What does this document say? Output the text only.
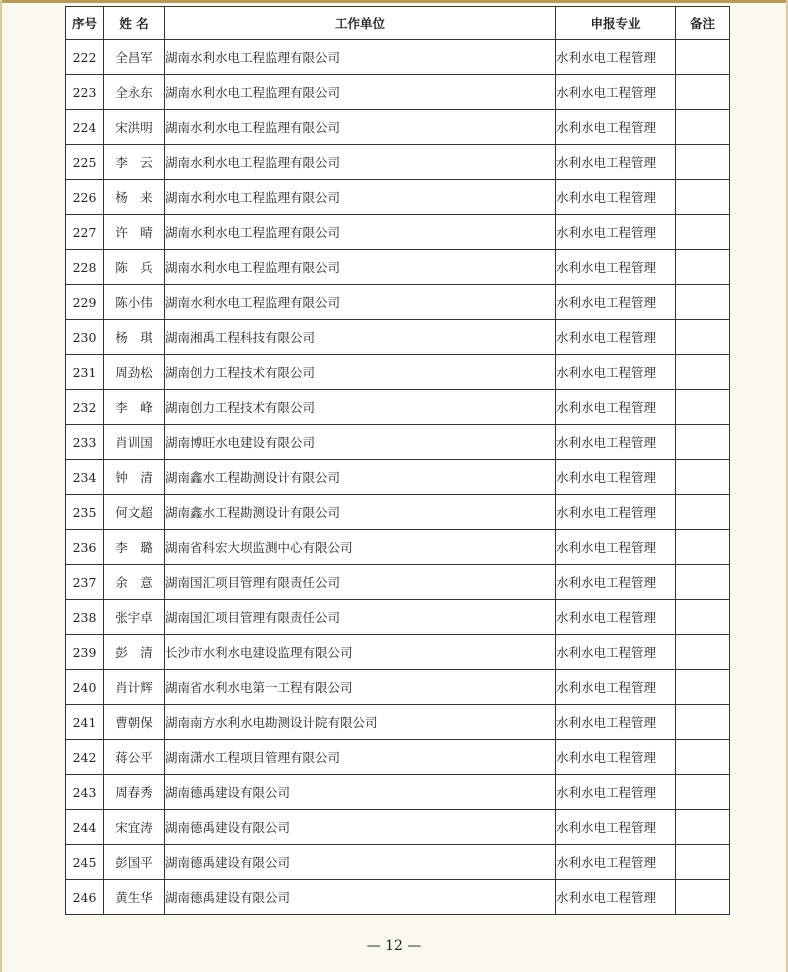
序号	姓 名	工作单位	申报专业	备注
222	全昌军	湖南水利水电工程监理有限公司	水利水电工程管理	
223	全永东	湖南水利水电工程监理有限公司	水利水电工程管理	
224	宋洪明	湖南水利水电工程监理有限公司	水利水电工程管理	
225	李　云	湖南水利水电工程监理有限公司	水利水电工程管理	
226	杨　来	湖南水利水电工程监理有限公司	水利水电工程管理	
227	许　晴	湖南水利水电工程监理有限公司	水利水电工程管理	
228	陈　兵	湖南水利水电工程监理有限公司	水利水电工程管理	
229	陈小伟	湖南水利水电工程监理有限公司	水利水电工程管理	
230	杨　琪	湖南湘禹工程科技有限公司	水利水电工程管理	
231	周劲松	湖南创力工程技术有限公司	水利水电工程管理	
232	李　峰	湖南创力工程技术有限公司	水利水电工程管理	
233	肖训国	湖南博旺水电建设有限公司	水利水电工程管理	
234	钟　清	湖南鑫水工程勘测设计有限公司	水利水电工程管理	
235	何文超	湖南鑫水工程勘测设计有限公司	水利水电工程管理	
236	李　璐	湖南省科宏大坝监测中心有限公司	水利水电工程管理	
237	余　意	湖南国汇项目管理有限责任公司	水利水电工程管理	
238	张宇卓	湖南国汇项目管理有限责任公司	水利水电工程管理	
239	彭　清	长沙市水利水电建设监理有限公司	水利水电工程管理	
240	肖计辉	湖南省水利水电第一工程有限公司	水利水电工程管理	
241	曹朝保	湖南南方水利水电勘测设计院有限公司	水利水电工程管理	
242	蒋公平	湖南潇水工程项目管理有限公司	水利水电工程管理	
243	周春秀	湖南德禹建设有限公司	水利水电工程管理	
244	宋宜涛	湖南德禹建设有限公司	水利水电工程管理	
245	彭国平	湖南德禹建设有限公司	水利水电工程管理	
246	黄生华	湖南德禹建设有限公司	水利水电工程管理	
— 12 —
